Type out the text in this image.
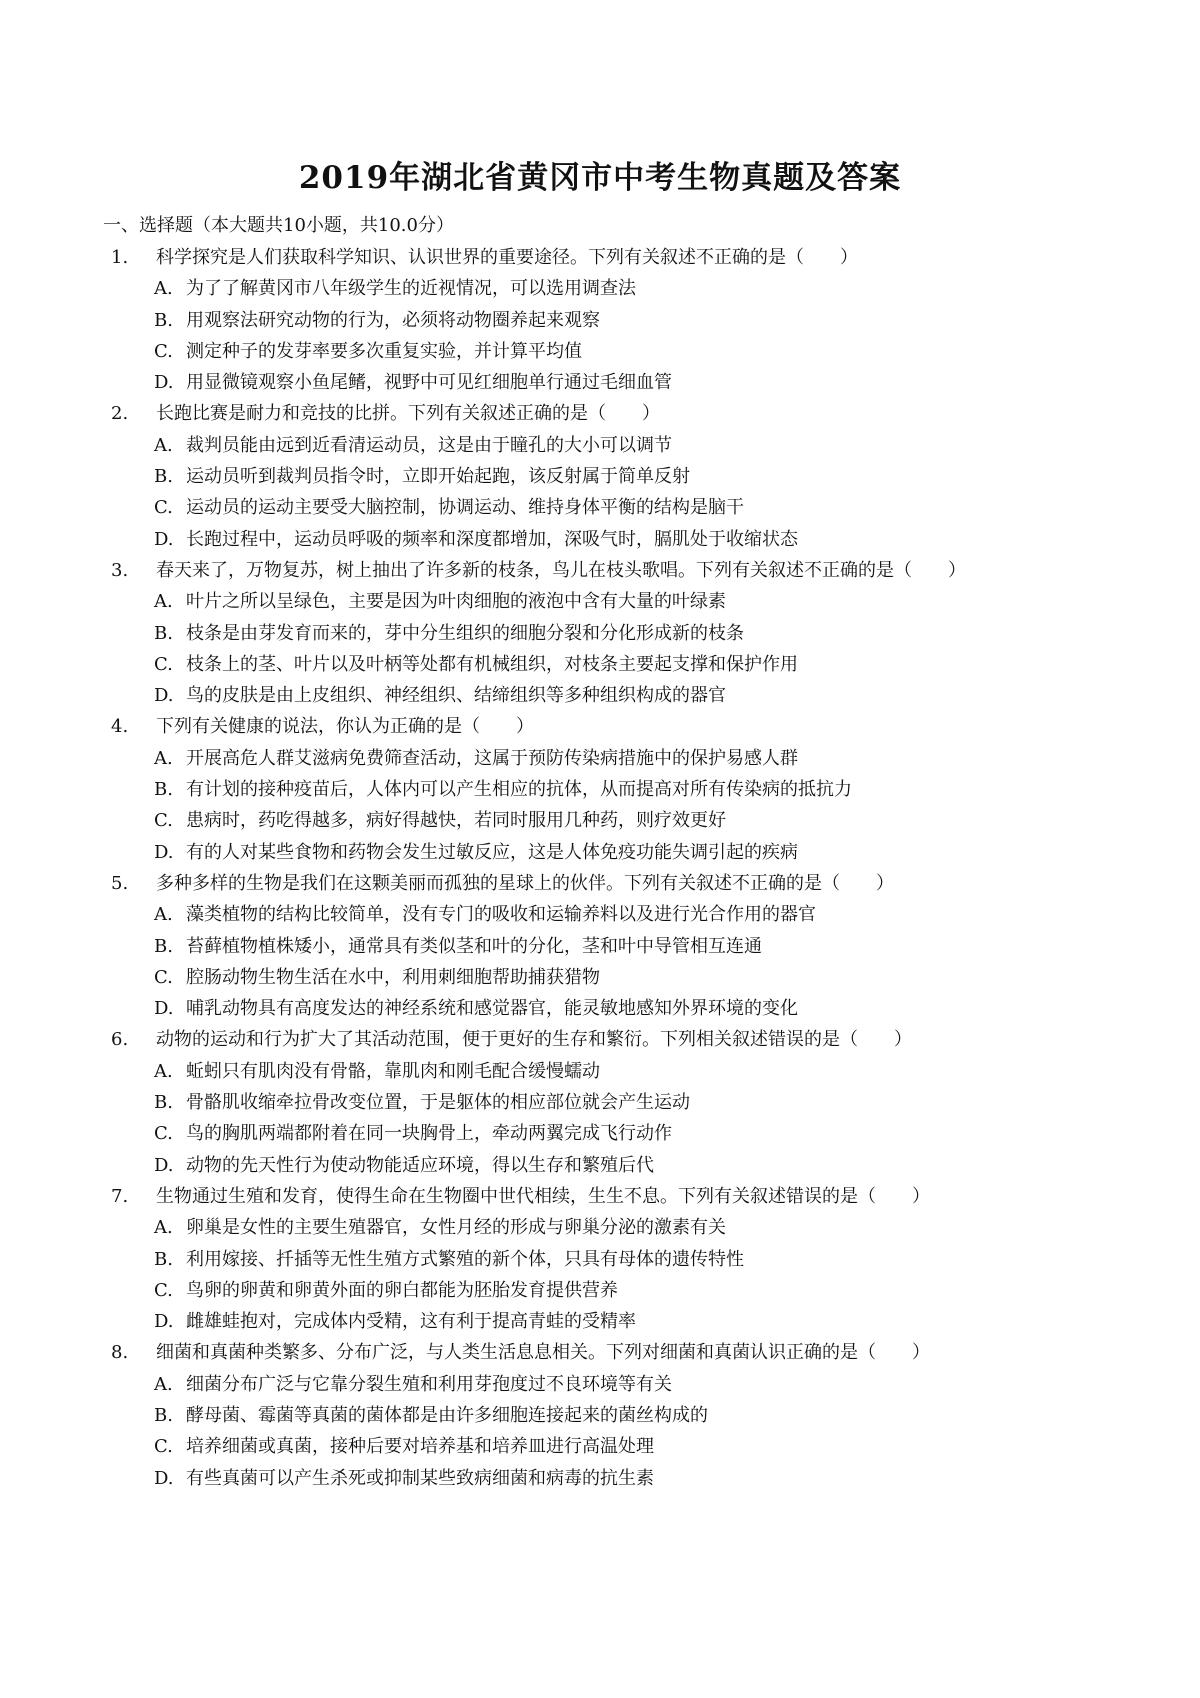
2019年湖北省黄冈市中考生物真题及答案
一、选择题（本大题共10小题，共10.0分）
1. 科学探究是人们获取科学知识、认识世界的重要途径。下列有关叙述不正确的是（　　）
A. 为了了解黄冈市八年级学生的近视情况，可以选用调查法
B. 用观察法研究动物的行为，必须将动物圈养起来观察
C. 测定种子的发芽率要多次重复实验，并计算平均值
D. 用显微镜观察小鱼尾鳍，视野中可见红细胞单行通过毛细血管
2. 长跑比赛是耐力和竞技的比拼。下列有关叙述正确的是（　　）
A. 裁判员能由远到近看清运动员，这是由于瞳孔的大小可以调节
B. 运动员听到裁判员指令时，立即开始起跑，该反射属于简单反射
C. 运动员的运动主要受大脑控制，协调运动、维持身体平衡的结构是脑干
D. 长跑过程中，运动员呼吸的频率和深度都增加，深吸气时，膈肌处于收缩状态
3. 春天来了，万物复苏，树上抽出了许多新的枝条，鸟儿在枝头歌唱。下列有关叙述不正确的是（　　）
A. 叶片之所以呈绿色，主要是因为叶肉细胞的液泡中含有大量的叶绿素
B. 枝条是由芽发育而来的，芽中分生组织的细胞分裂和分化形成新的枝条
C. 枝条上的茎、叶片以及叶柄等处都有机械组织，对枝条主要起支撑和保护作用
D. 鸟的皮肤是由上皮组织、神经组织、结缔组织等多种组织构成的器官
4. 下列有关健康的说法，你认为正确的是（　　）
A. 开展高危人群艾滋病免费筛查活动，这属于预防传染病措施中的保护易感人群
B. 有计划的接种疫苗后，人体内可以产生相应的抗体，从而提高对所有传染病的抵抗力
C. 患病时，药吃得越多，病好得越快，若同时服用几种药，则疗效更好
D. 有的人对某些食物和药物会发生过敏反应，这是人体免疫功能失调引起的疾病
5. 多种多样的生物是我们在这颗美丽而孤独的星球上的伙伴。下列有关叙述不正确的是（　　）
A. 藻类植物的结构比较简单，没有专门的吸收和运输养料以及进行光合作用的器官
B. 苔藓植物植株矮小，通常具有类似茎和叶的分化，茎和叶中导管相互连通
C. 腔肠动物生物生活在水中，利用刺细胞帮助捕获猎物
D. 哺乳动物具有高度发达的神经系统和感觉器官，能灵敏地感知外界环境的变化
6. 动物的运动和行为扩大了其活动范围，便于更好的生存和繁衍。下列相关叙述错误的是（　　）
A. 蚯蚓只有肌肉没有骨骼，靠肌肉和刚毛配合缓慢蠕动
B. 骨骼肌收缩牵拉骨改变位置，于是躯体的相应部位就会产生运动
C. 鸟的胸肌两端都附着在同一块胸骨上，牵动两翼完成飞行动作
D. 动物的先天性行为使动物能适应环境，得以生存和繁殖后代
7. 生物通过生殖和发育，使得生命在生物圈中世代相续，生生不息。下列有关叙述错误的是（　　）
A. 卵巢是女性的主要生殖器官，女性月经的形成与卵巢分泌的激素有关
B. 利用嫁接、扦插等无性生殖方式繁殖的新个体，只具有母体的遗传特性
C. 鸟卵的卵黄和卵黄外面的卵白都能为胚胎发育提供营养
D. 雌雄蛙抱对，完成体内受精，这有利于提高青蛙的受精率
8. 细菌和真菌种类繁多、分布广泛，与人类生活息息相关。下列对细菌和真菌认识正确的是（　　）
A. 细菌分布广泛与它靠分裂生殖和利用芽孢度过不良环境等有关
B. 酵母菌、霉菌等真菌的菌体都是由许多细胞连接起来的菌丝构成的
C. 培养细菌或真菌，接种后要对培养基和培养皿进行高温处理
D. 有些真菌可以产生杀死或抑制某些致病细菌和病毒的抗生素
